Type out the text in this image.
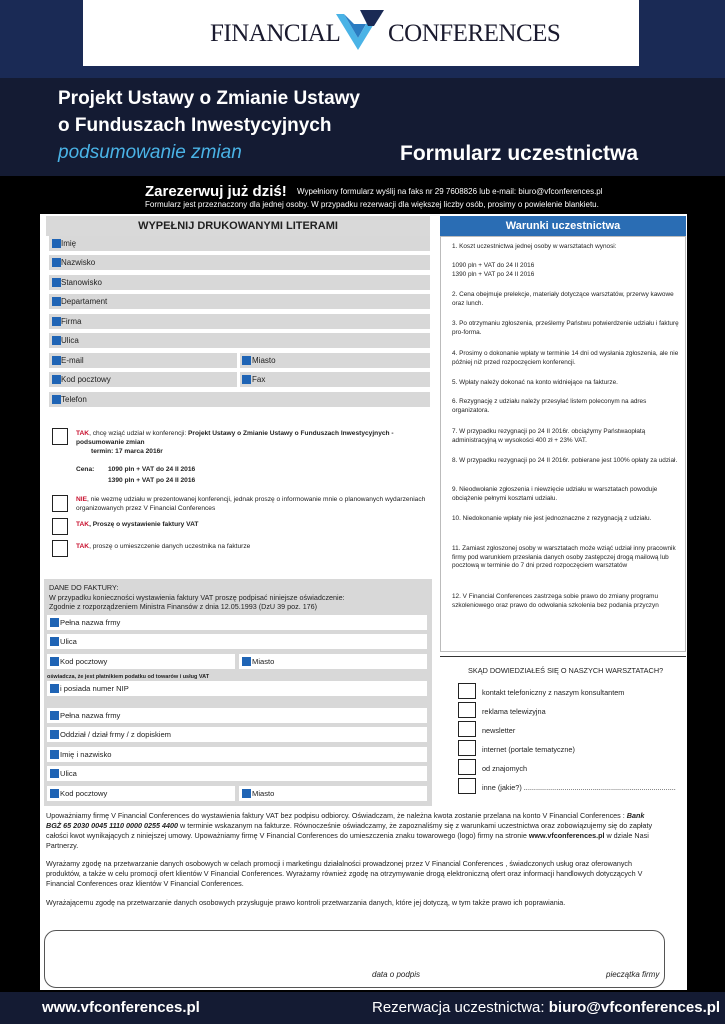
FINANCIAL CONFERENCES
Projekt Ustawy o Zmianie Ustawy
o Funduszach Inwestycyjnych
podsumowanie zmian	Formularz uczestnictwa
Zarezerwuj już dziś! Wypełniony formularz wyślij na faks nr 29 7608826 lub e-mail: biuro@vfconferences.pl
Formularz jest przeznaczony dla jednej osoby. W przypadku rezerwacji dla większej liczby osób, prosimy o powielenie blankietu.
WYPEŁNIJ DRUKOWANYMI LITERAMI
Imię
Nazwisko
Stanowisko
Departament
Firma
Ulica
E-mail	Miasto
Kod pocztowy	Fax
Telefon
TAK, chcę wziąć udział w konferencji: Projekt Ustawy o Zmianie Ustawy o Funduszach Inwestycyjnych - podsumowanie zmian
termin: 17 marca 2016r
Cena: 1090 pln + VAT do 24 II 2016
1390 pln + VAT po 24 II 2016
NIE, nie wezmę udziału w prezentowanej konferencji, jednak proszę o informowanie mnie o planowanych wydarzeniach organizowanych przez V Financial Conferences
TAK, Proszę o wystawienie faktury VAT
TAK, proszę o umieszczenie danych uczestnika na fakturze
DANE DO FAKTURY:
W przypadku konieczności wystawienia faktury VAT proszę podpisać niniejsze oświadczenie:
Zgodnie z rozporządzeniem Ministra Finansów z dnia 12.05.1993 (DzU 39 poz. 176)
Pełna nazwa frmy
Ulica
Kod pocztowy	Miasto
oświadcza, że jest płatnikiem podatku od towarów i usług VAT
i posiada numer NIP
Pełna nazwa frmy
Oddział / dział frmy / z dopiskiem
Imię i nazwisko
Ulica
Kod pocztowy	Miasto
Warunki uczestnictwa
1. Koszt uczestnictwa jednej osoby w warsztatach wynosi:
1090 pln + VAT do 24 II 2016
1390 pln + VAT po 24 II 2016
2. Cena obejmuje prelekcje, materiały dotyczące warsztatów, przerwy kawowe oraz lunch.
3. Po otrzymaniu zgłoszenia, prześlemy Państwu potwierdzenie udziału i fakturę pro-forma.
4. Prosimy o dokonanie wpłaty w terminie 14 dni od wysłania zgłoszenia, ale nie później niż przed rozpoczęciem konferencji.
5. Wpłaty należy dokonać na konto widniejące na fakturze.
6. Rezygnację z udziału należy przesyłać listem poleconym na adres organizatora.
7. W przypadku rezygnacji po 24 II 2016r. obciążymy Państwaopłatą administracyjną w wysokości 400 zł + 23% VAT.
8. W przypadku rezygnacji po 24 II 2016r. pobierane jest 100% opłaty za udział.
9. Nieodwołanie zgłoszenia i niewzięcie udziału w warsztatach powoduje obciążenie pełnymi kosztami udziału.
10. Niedokonanie wpłaty nie jest jednoznaczne z rezygnacją z udziału.
11. Zamiast zgłoszonej osoby w warsztatach może wziąć udział inny pracownik firmy pod warunkiem przesłania danych osoby zastępczej drogą mailową lub pocztową w terminie do 7 dni przed rozpoczęciem warsztatów
12. V Financial Conferences zastrzega sobie prawo do zmiany programu szkoleniowego oraz prawo do odwołania szkolenia bez podania przyczyn
SKĄD DOWIEDZIAŁEŚ SIĘ O NASZYCH WARSZTATACH?
kontakt telefoniczny z naszym konsultantem
reklama telewizyjna
newsletter
internet (portale tematyczne)
od znajomych
inne (jakie?) ...........................................................................
Upoważniamy firmę V Financial Conferences do wystawienia faktury VAT bez podpisu odbiorcy. Oświadczam, że należna kwota zostanie przelana na konto V Financial Conferences : Bank BGŻ 65 2030 0045 1110 0000 0255 4400 w terminie wskazanym na fakturze. Równocześnie oświadczamy, że zapoznaliśmy się z warunkami uczestnictwa oraz zobowiązujemy się do zapłaty całości kwot wynikających z niniejszej umowy. Upoważniamy firmę V Financial Conferences do umieszczenia znaku towarowego (logo) firmy na stronie www.vfconferences.pl w dziale Nasi Partnerzy.
Wyrażamy zgodę na przetwarzanie danych osobowych w celach promocji i marketingu działalności prowadzonej przez V Financial Conferences , świadczonych usług oraz oferowanych produktów, a także w celu promocji ofert klientów V Financial Conferences. Wyrażamy również zgodę na otrzymywanie drogą elektroniczną ofert oraz informacji handlowych dotyczących V Financial Conferences oraz klientów V Financial Conferences.
Wyrażającemu zgodę na przetwarzanie danych osobowych przysługuje prawo kontroli przetwarzania danych, które jej dotyczą, w tym także prawo ich poprawiania.
data o podpis	pieczątka firmy
www.vfconferences.pl	Rezerwacja uczestnictwa: biuro@vfconferences.pl
